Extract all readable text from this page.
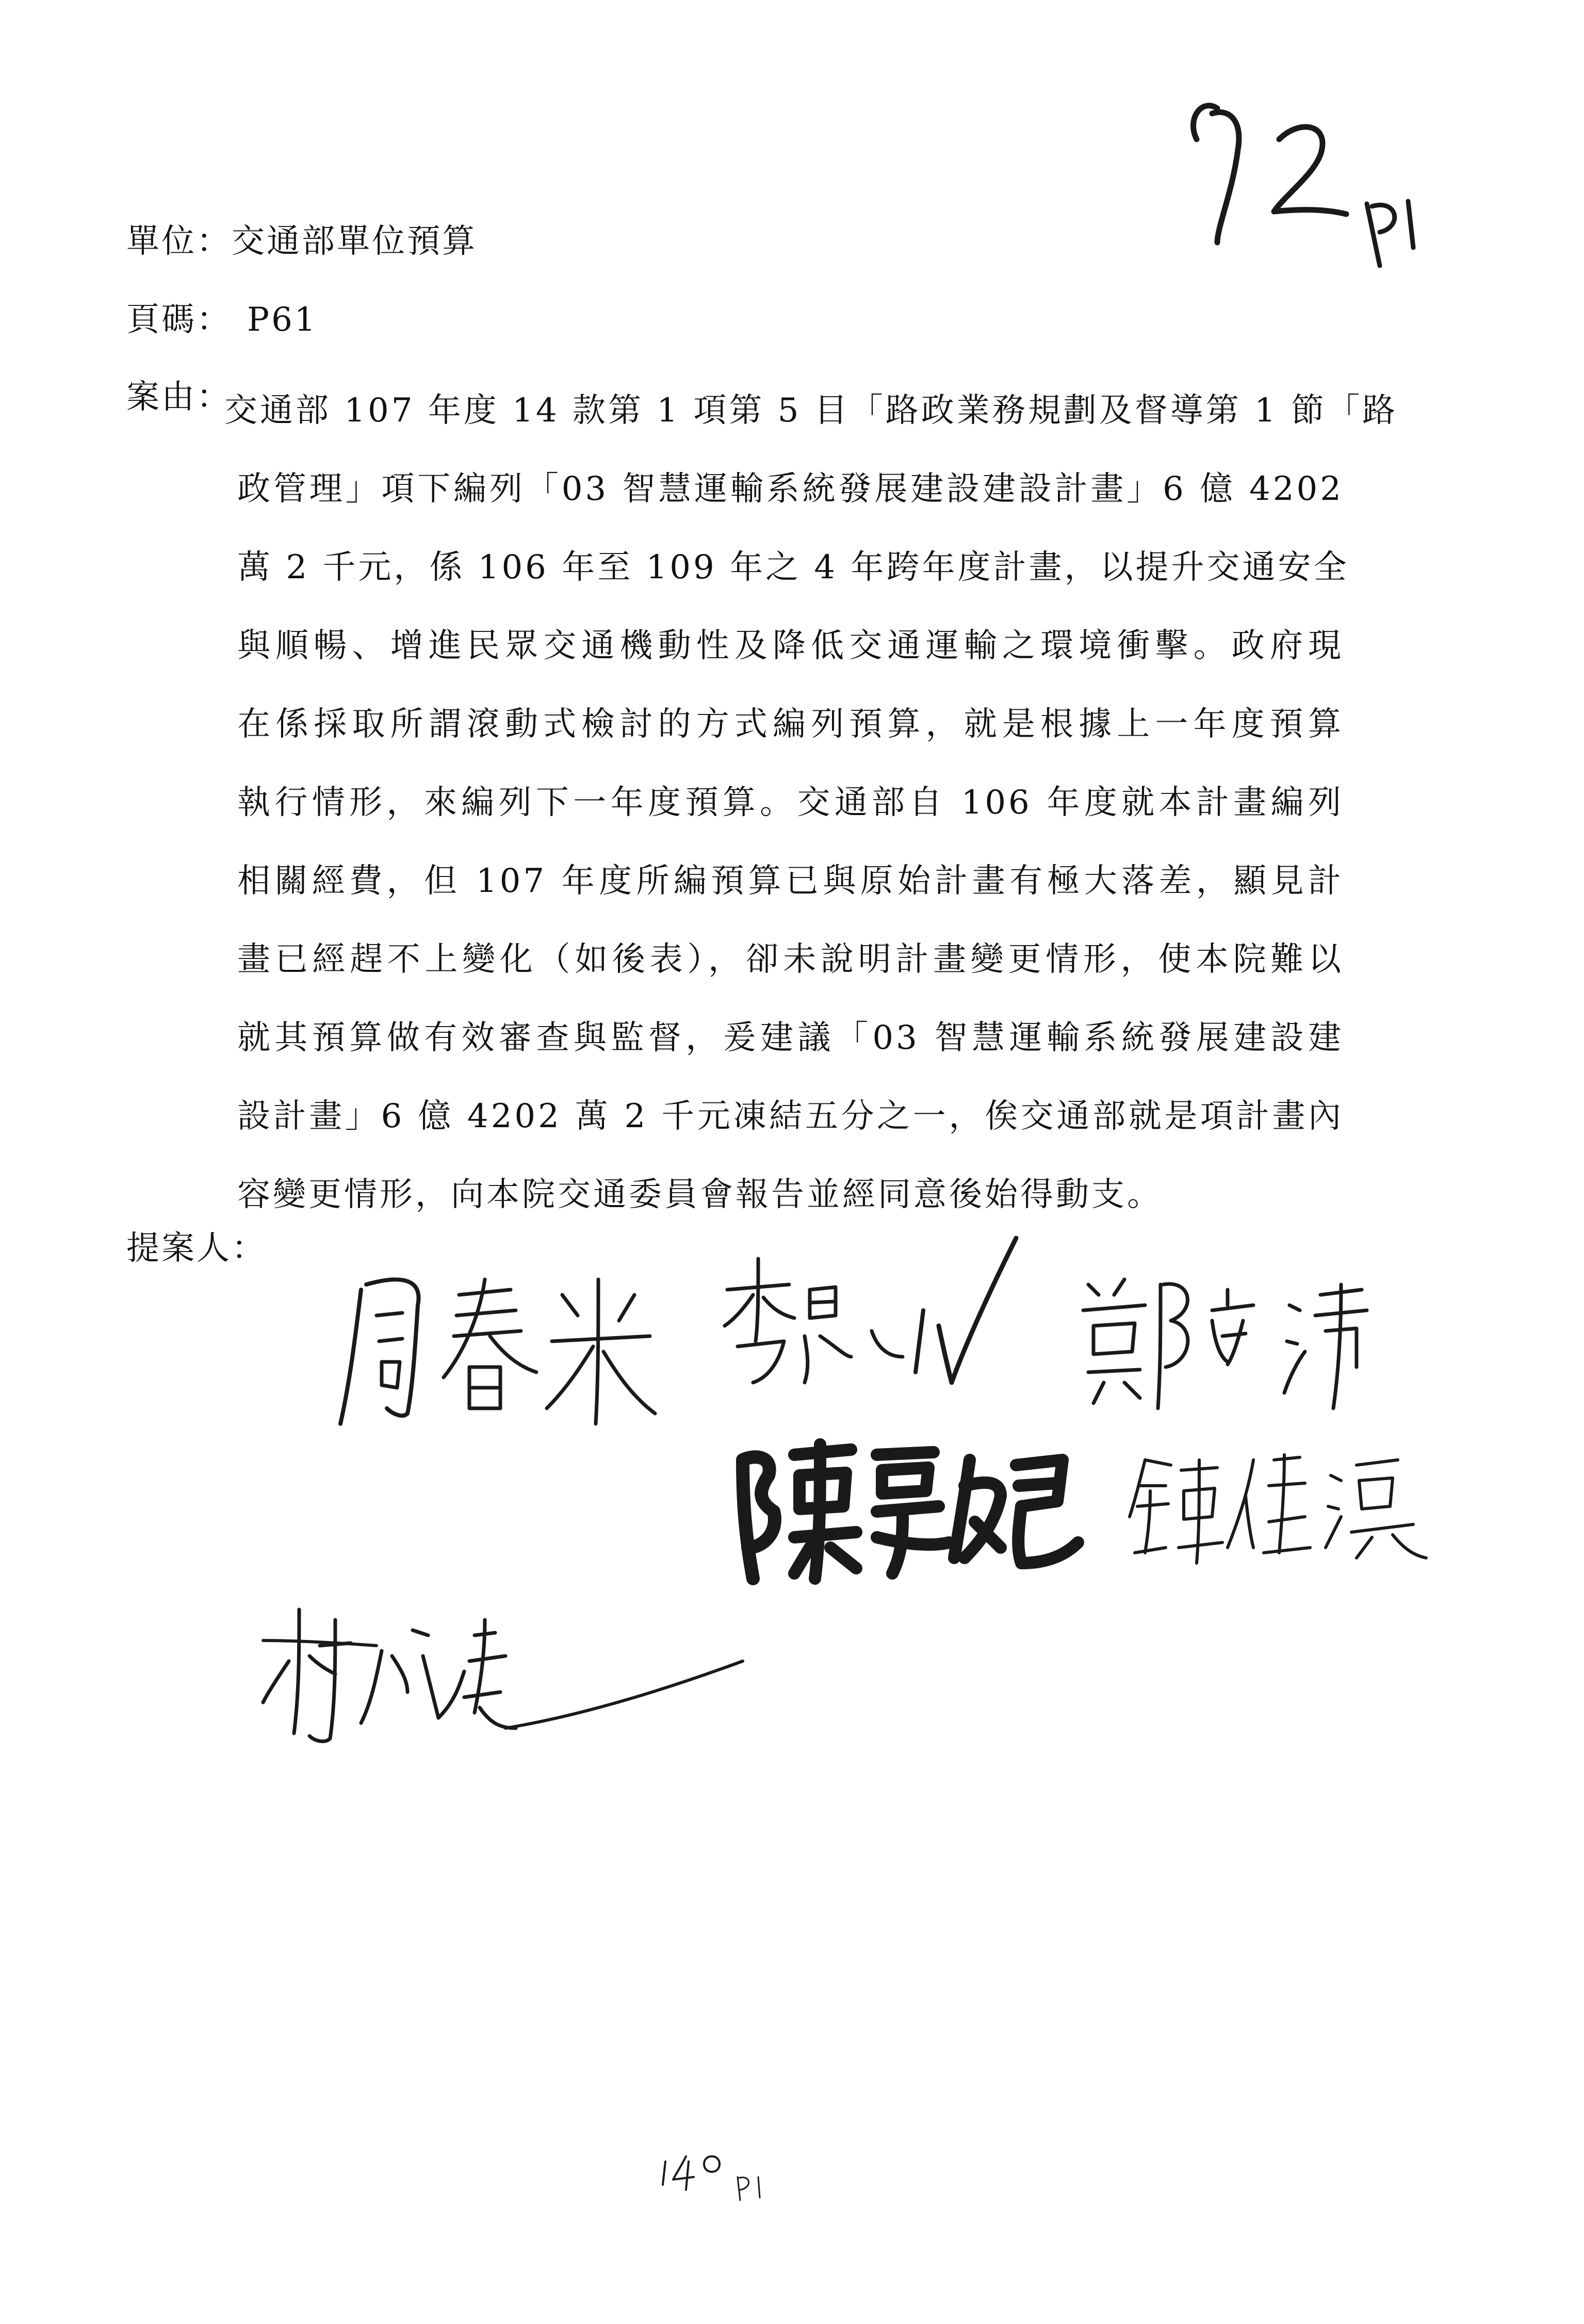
單位：交通部單位預算
頁碼： P61
案由：
交通部 107 年度 14 款第 1 項第 5 目「路政業務規劃及督導第 1 節「路
政管理」項下編列「03 智慧運輸系統發展建設建設計畫」6 億 4202
萬 2 千元，係 106 年至 109 年之 4 年跨年度計畫，以提升交通安全
與順暢、增進民眾交通機動性及降低交通運輸之環境衝擊。政府現
在係採取所謂滾動式檢討的方式編列預算，就是根據上一年度預算
執行情形，來編列下一年度預算。交通部自 106 年度就本計畫編列
相關經費，但 107 年度所編預算已與原始計畫有極大落差，顯見計
畫已經趕不上變化（如後表），卻未說明計畫變更情形，使本院難以
就其預算做有效審查與監督，爰建議「03 智慧運輸系統發展建設建
設計畫」6 億 4202 萬 2 千元凍結五分之一，俟交通部就是項計畫內
容變更情形，向本院交通委員會報告並經同意後始得動支。
提案人：
